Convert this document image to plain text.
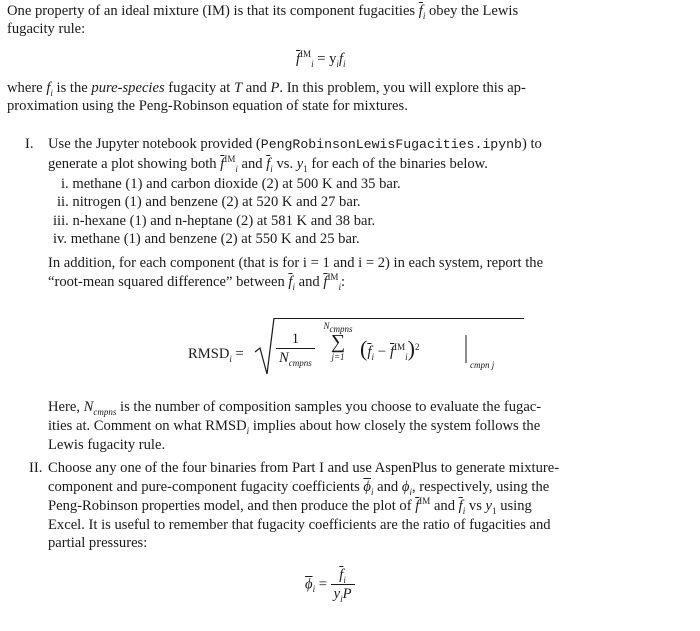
One property of an ideal mixture (IM) is that its component fugacities $\overline{f}_i$ obey the Lewis
fugacity rule:
$\overline{f}^{IM}_i = y_if_i$
where $f_i$ is the pure-species fugacity at T and P. In this problem, you will explore this ap-
proximation using the Peng-Robinson equation of state for mixtures.
I. Use the Jupyter notebook provided (PengRobinsonLewisFugacities.ipynb) to
generate a plot showing both $\overline{f}^{IM}_i$ and $\overline{f}_i$ vs. $y_1$ for each of the binaries below.
i. methane (1) and carbon dioxide (2) at 500 K and 35 bar.
ii. nitrogen (1) and benzene (2) at 520 K and 27 bar.
iii. n-hexane (1) and n-heptane (2) at 581 K and 38 bar.
iv. methane (1) and benzene (2) at 550 K and 25 bar.
In addition, for each component (that is for i = 1 and i = 2) in each system, report the
“root-mean squared difference” between $\overline{f}_i$ and $\overline{f}^{IM}_i$:
$RMSD_i = \frac{1}{N_{cmpns}}$
$N_{cmpns}$
∑
j=1 $(\overline{f}_i - \overline{f}^{IM}_i)^2$
cmpn j
Here, $N_{cmpns}$ is the number of composition samples you choose to evaluate the fugac-
ities at. Comment on what $RMSD_i$ implies about how closely the system follows the
Lewis fugacity rule.
II. Choose any one of the four binaries from Part I and use AspenPlus to generate mixture-
component and pure-component fugacity coefficients $\overline{\phi}_i$ and $\phi_i$, respectively, using the
Peng-Robinson properties model, and then produce the plot of $\overline{f}^{IM}$ and $\overline{f}_i$ vs $y_1$ using
Excel. It is useful to remember that fugacity coefficients are the ratio of fugacities and
partial pressures:
$\overline{\phi}_i = \frac{\overline{f}_i}{y_iP}$
